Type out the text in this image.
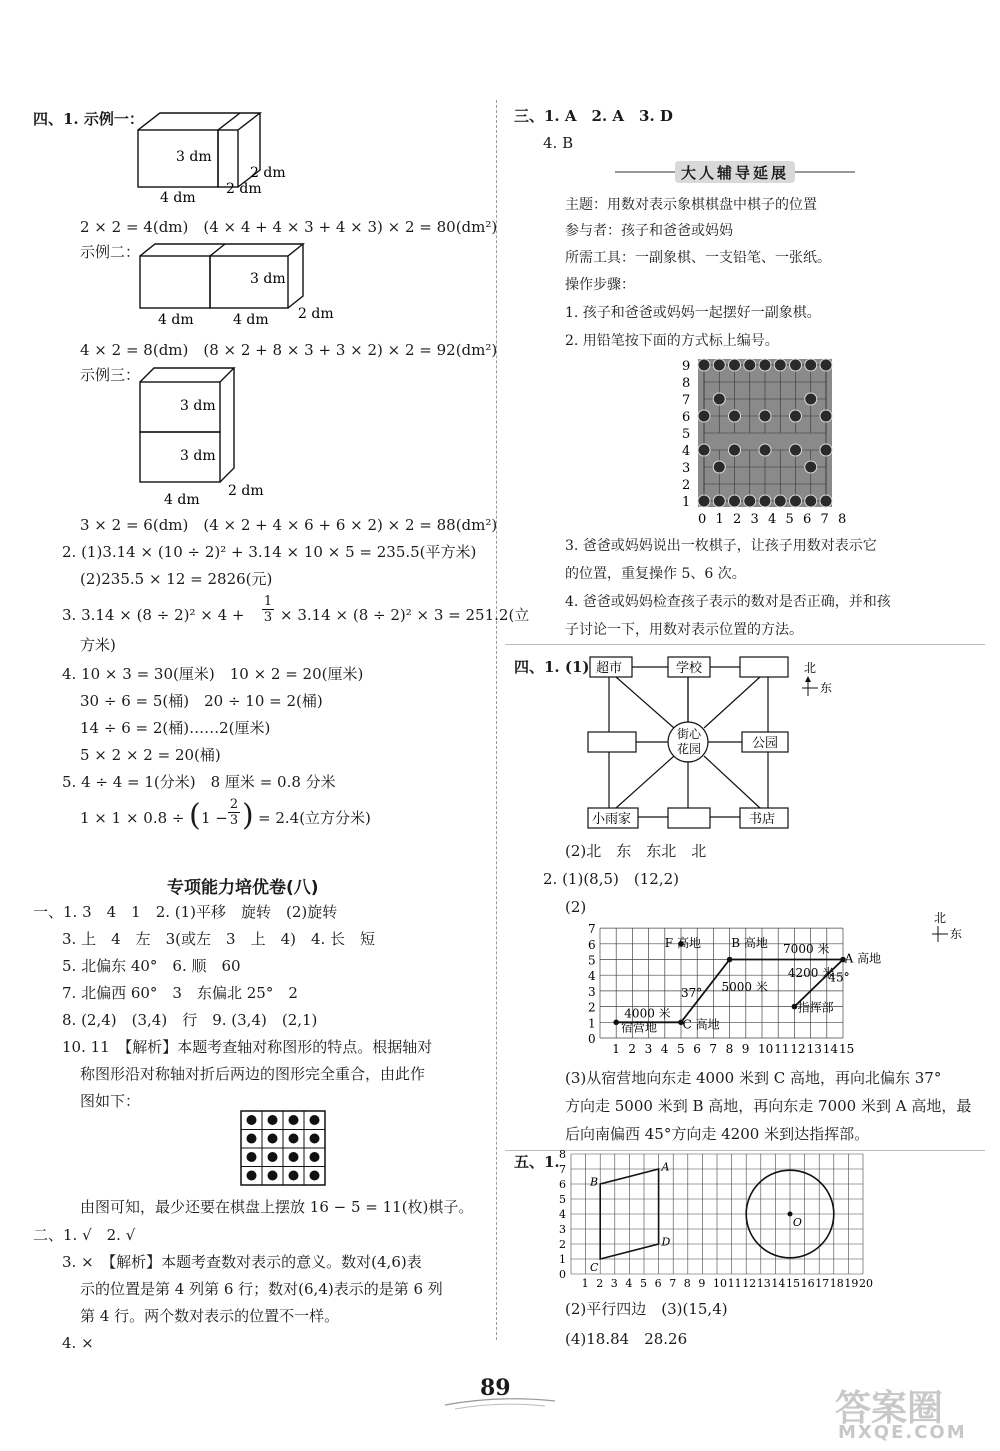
四、1. 示例一：
3 dm
2 dm
2 dm
4 dm
2 × 2 = 4(dm)　(4 × 4 + 4 × 3 + 4 × 3) × 2 = 80(dm²)
示例二：
3 dm
4 dm	4 dm 2 dm
4 × 2 = 8(dm)　(8 × 2 + 8 × 3 + 3 × 2) × 2 = 92(dm²)
示例三：
3 dm
3 dm
4 dm
2 dm
3 × 2 = 6(dm)　(4 × 2 + 4 × 6 + 6 × 2) × 2 = 88(dm²)
2. (1)3.14 × (10 ÷ 2)² + 3.14 × 10 × 5 = 235.5(平方米)
(2)235.5 × 12 = 2826(元)
3. 3.14 × (8 ÷ 2)² × 4 +
1
3 × 3.14 × (8 ÷ 2)² × 3 = 251.2(立
方米)
4. 10 × 3 = 30(厘米)　10 × 2 = 20(厘米)
30 ÷ 6 = 5(桶)　20 ÷ 10 = 2(桶)
14 ÷ 6 = 2(桶)……2(厘米)
5 × 2 × 2 = 20(桶)
5. 4 ÷ 4 = 1(分米)　8 厘米 = 0.8 分米
1 × 1 × 0.8 ÷ ( 1 −
2
3 ) = 2.4(立方分米)
专项能力培优卷(八)
一、1. 3　4　1　2. (1)平移　旋转　(2)旋转
3. 上　4　左　3(或左　3　上　4)　4. 长　短
5. 北偏东 40°　6. 顺　60
7. 北偏西 60°　3　东偏北 25°　2
8. (2,4)　(3,4)　行　9. (3,4)　(2,1)
10. 11　【解析】本题考查轴对称图形的特点。根据轴对
称图形沿对称轴对折后两边的图形完全重合，由此作
图如下：
由图可知，最少还要在棋盘上摆放 16 − 5 = 11(枚)棋子。
二、1. √　2. √
3. ×　【解析】本题考查数对表示的意义。数对(4,6)表
示的位置是第 4 列第 6 行；数对(6,4)表示的是第 6 列
第 4 行。两个数对表示的位置不一样。
4. ×
三、1. A　2. A　3. D
4. B
大人辅导延展
主题：用数对表示象棋棋盘中棋子的位置
参与者：孩子和爸爸或妈妈
所需工具：一副象棋、一支铅笔、一张纸。
操作步骤：
1. 孩子和爸爸或妈妈一起摆好一副象棋。
2. 用铅笔按下面的方式标上编号。
9
8
7
6
5
4
3
2
1
0 1 2 3 4 5 6 7 8
3. 爸爸或妈妈说出一枚棋子，让孩子用数对表示它
的位置，重复操作 5、6 次。
4. 爸爸或妈妈检查孩子表示的数对是否正确，并和孩
子讨论一下，用数对表示位置的方法。
四、1. (1) 超市	学校
街心
花园	公园
小雨家	书店
北
东
(2)北　东　东北　北
2. (1)(8,5)　(12,2)
(2)
0
1
2
3
4
5
6
7
1 2 3 4 5 6 7 8 9 10 11 12 13 14 15
F 高地	B 高地
A 高地
C 高地
宿营地
指挥部
4000 米
5000 米
7000 米
4200 米
37°
45°
北
东
(3)从宿营地向东走 4000 米到 C 高地，再向北偏东 37°
方向走 5000 米到 B 高地，再向东走 7000 米到 A 高地，最
后向南偏西 45°方向走 4200 米到达指挥部。
五、1.
0
1
2
3
4
5
6
7
8
1 2 3 4 5 6 7 8 9 10 11 12 13 14 15 16 17 18 19 20
A
B
C
D
O
(2)平行四边　(3)(15,4)
(4)18.84　28.26
89	答案圈
MXQE.COM
